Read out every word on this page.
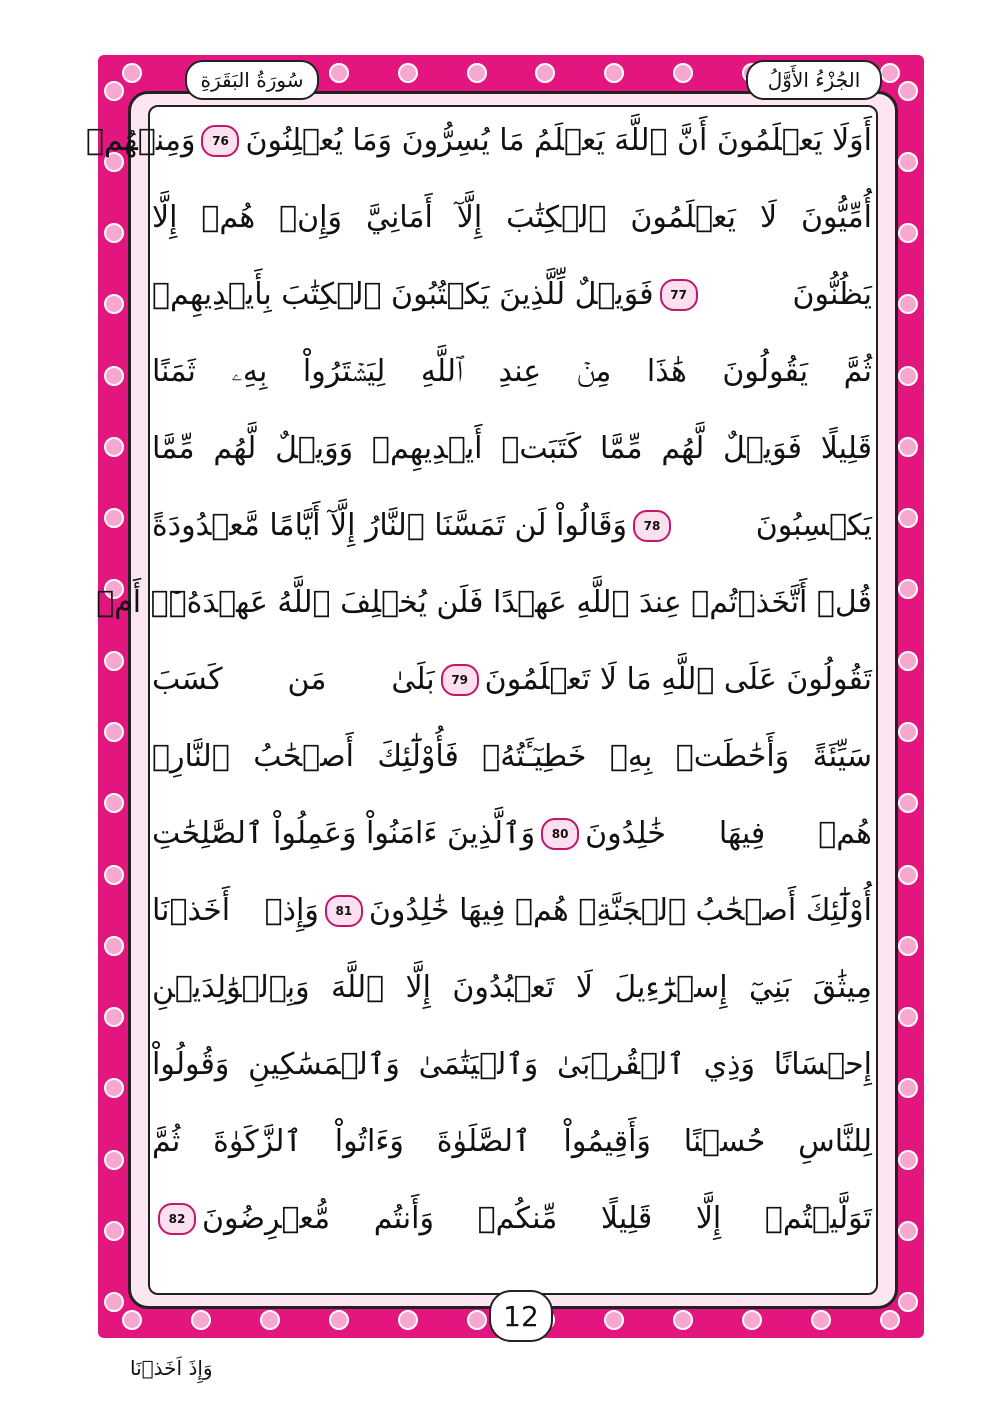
سُورَةُ البَقَرَةِ	الجُزْءُ الأَوَّلُ
أَوَلَا يَعۡلَمُونَ أَنَّ ٱللَّهَ يَعۡلَمُ مَا يُسِرُّونَ وَمَا يُعۡلِنُونَ
76
وَمِنۡهُمۡ
أُمِّيُّونَ لَا يَعۡلَمُونَ ٱلۡكِتَٰبَ إِلَّآ أَمَانِيَّ وَإِنۡ هُمۡ إِلَّا
يَظُنُّونَ
77
فَوَيۡلٌ لِّلَّذِينَ يَكۡتُبُونَ ٱلۡكِتَٰبَ بِأَيۡدِيهِمۡ
ثُمَّ يَقُولُونَ هَٰذَا مِنۡ عِندِ ٱللَّهِ لِيَشۡتَرُواْ بِهِۦ ثَمَنًا
قَلِيلًا فَوَيۡلٌ لَّهُم مِّمَّا كَتَبَتۡ أَيۡدِيهِمۡ وَوَيۡلٌ لَّهُم مِّمَّا
يَكۡسِبُونَ
78
وَقَالُواْ لَن تَمَسَّنَا ٱلنَّارُ إِلَّآ أَيَّامًا مَّعۡدُودَةً
قُلۡ أَتَّخَذۡتُمۡ عِندَ ٱللَّهِ عَهۡدًا فَلَن يُخۡلِفَ ٱللَّهُ عَهۡدَهُۥٓۖ أَمۡ
تَقُولُونَ عَلَى ٱللَّهِ مَا لَا تَعۡلَمُونَ
79
بَلَىٰ مَن كَسَبَ
سَيِّئَةً وَأَحَٰطَتۡ بِهِۦ خَطِيٓـَٔتُهُۥ فَأُوْلَٰٓئِكَ أَصۡحَٰبُ ٱلنَّارِۖ
هُمۡ فِيهَا خَٰلِدُونَ
80
وَٱلَّذِينَ ءَامَنُواْ وَعَمِلُواْ ٱلصَّٰلِحَٰتِ
أُوْلَٰٓئِكَ أَصۡحَٰبُ ٱلۡجَنَّةِۖ هُمۡ فِيهَا خَٰلِدُونَ
81
وَإِذۡ أَخَذۡنَا
مِيثَٰقَ بَنِيٓ إِسۡرَٰٓءِيلَ لَا تَعۡبُدُونَ إِلَّا ٱللَّهَ وَبِٱلۡوَٰلِدَيۡنِ
إِحۡسَانًا وَذِي ٱلۡقُرۡبَىٰ وَٱلۡيَتَٰمَىٰ وَٱلۡمَسَٰكِينِ وَقُولُواْ
لِلنَّاسِ حُسۡنًا وَأَقِيمُواْ ٱلصَّلَوٰةَ وَءَاتُواْ ٱلزَّكَوٰةَ ثُمَّ
تَوَلَّيۡتُمۡ إِلَّا قَلِيلًا مِّنكُمۡ وَأَنتُم مُّعۡرِضُونَ
82
12
وَإِذَ اَخَذۡنَا
